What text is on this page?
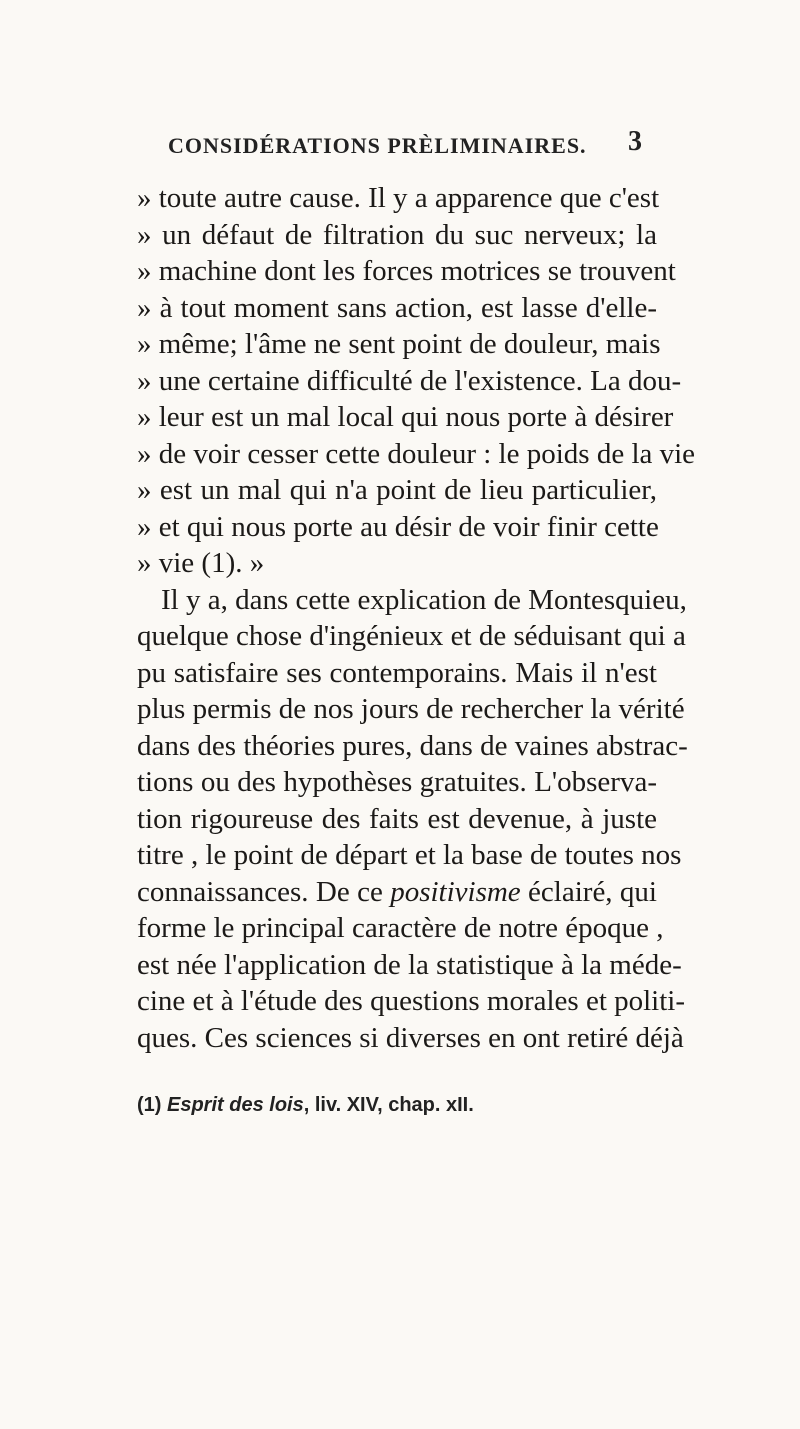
CONSIDÉRATIONS PRÈLIMINAIRES. 3
» toute autre cause. Il y a apparence que c'est
» un défaut de filtration du suc nerveux; la
» machine dont les forces motrices se trouvent
» à tout moment sans action, est lasse d'elle-
» même; l'âme ne sent point de douleur, mais
» une certaine difficulté de l'existence. La dou-
» leur est un mal local qui nous porte à désirer
» de voir cesser cette douleur : le poids de la vie
» est un mal qui n'a point de lieu particulier,
» et qui nous porte au désir de voir finir cette
» vie (1). »
Il y a, dans cette explication de Montesquieu,
quelque chose d'ingénieux et de séduisant qui a
pu satisfaire ses contemporains. Mais il n'est
plus permis de nos jours de rechercher la vérité
dans des théories pures, dans de vaines abstrac-
tions ou des hypothèses gratuites. L'observa-
tion rigoureuse des faits est devenue, à juste
titre , le point de départ et la base de toutes nos
connaissances. De ce positivisme éclairé, qui
forme le principal caractère de notre époque ,
est née l'application de la statistique à la méde-
cine et à l'étude des questions morales et politi-
ques. Ces sciences si diverses en ont retiré déjà
(1) Esprit des lois, liv. XIV, chap. xII.
